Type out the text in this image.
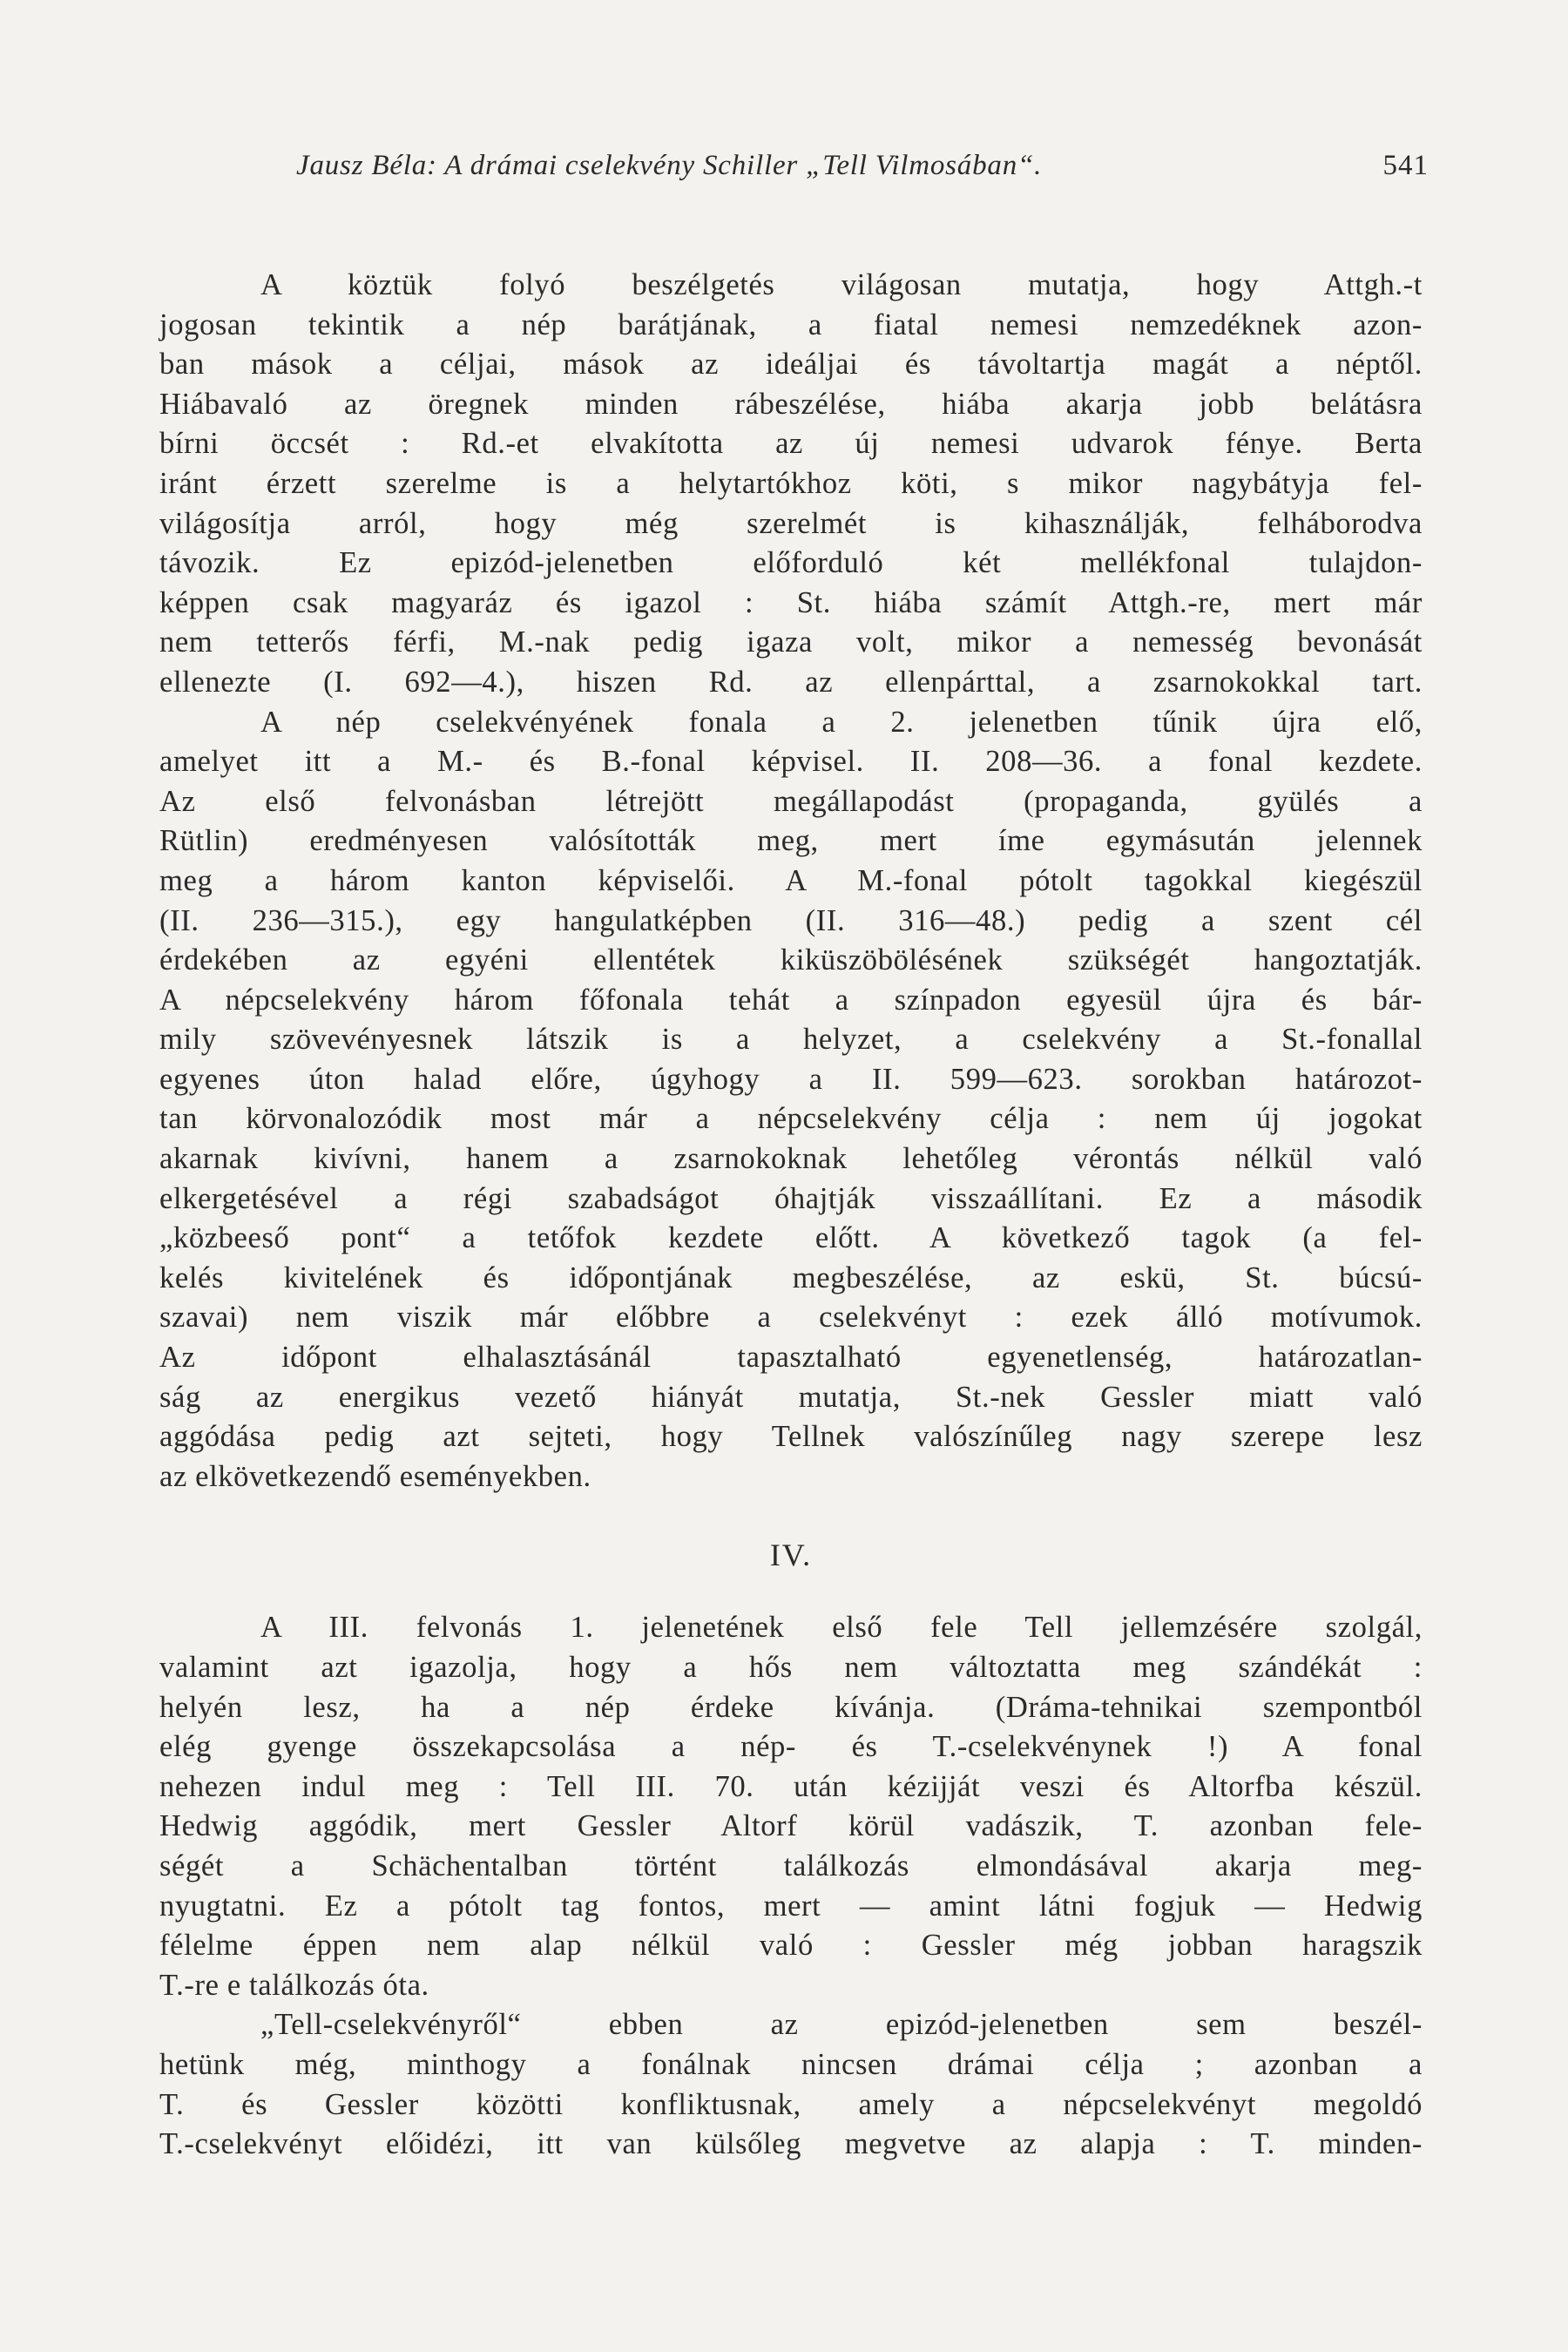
Jausz Béla: A drámai cselekvény Schiller „Tell Vilmosában“.	541
A köztük folyó beszélgetés világosan mutatja, hogy Attgh.-t
jogosan tekintik a nép barátjának, a fiatal nemesi nemzedéknek azon-
ban mások a céljai, mások az ideáljai és távoltartja magát a néptől.
Hiábavaló az öregnek minden rábeszélése, hiába akarja jobb belátásra
bírni öccsét : Rd.-et elvakította az új nemesi udvarok fénye. Berta
iránt érzett szerelme is a helytartókhoz köti, s mikor nagybátyja fel-
világosítja arról, hogy még szerelmét is kihasználják, felháborodva
távozik. Ez epizód-jelenetben előforduló két mellékfonal tulajdon-
képpen csak magyaráz és igazol : St. hiába számít Attgh.-re, mert már
nem tetterős férfi, M.-nak pedig igaza volt, mikor a nemesség bevonását
ellenezte (I. 692—4.), hiszen Rd. az ellenpárttal, a zsarnokokkal tart.
A nép cselekvényének fonala a 2. jelenetben tűnik újra elő,
amelyet itt a M.- és B.-fonal képvisel. II. 208—36. a fonal kezdete.
Az első felvonásban létrejött megállapodást (propaganda, gyülés a
Rütlin) eredményesen valósították meg, mert íme egymásután jelennek
meg a három kanton képviselői. A M.-fonal pótolt tagokkal kiegészül
(II. 236—315.), egy hangulatképben (II. 316—48.) pedig a szent cél
érdekében az egyéni ellentétek kiküszöbölésének szükségét hangoztatják.
A népcselekvény három főfonala tehát a színpadon egyesül újra és bár-
mily szövevényesnek látszik is a helyzet, a cselekvény a St.-fonallal
egyenes úton halad előre, úgyhogy a II. 599—623. sorokban határozot-
tan körvonalozódik most már a népcselekvény célja : nem új jogokat
akarnak kivívni, hanem a zsarnokoknak lehetőleg vérontás nélkül való
elkergetésével a régi szabadságot óhajtják visszaállítani. Ez a második
„közbeeső pont“ a tetőfok kezdete előtt. A következő tagok (a fel-
kelés kivitelének és időpontjának megbeszélése, az eskü, St. búcsú-
szavai) nem viszik már előbbre a cselekvényt : ezek álló motívumok.
Az időpont elhalasztásánál tapasztalható egyenetlenség, határozatlan-
ság az energikus vezető hiányát mutatja, St.-nek Gessler miatt való
aggódása pedig azt sejteti, hogy Tellnek valószínűleg nagy szerepe lesz
az elkövetkezendő eseményekben.
IV.
A III. felvonás 1. jelenetének első fele Tell jellemzésére szolgál,
valamint azt igazolja, hogy a hős nem változtatta meg szándékát :
helyén lesz, ha a nép érdeke kívánja. (Dráma-tehnikai szempontból
elég gyenge összekapcsolása a nép- és T.-cselekvénynek !) A fonal
nehezen indul meg : Tell III. 70. után kézijját veszi és Altorfba készül.
Hedwig aggódik, mert Gessler Altorf körül vadászik, T. azonban fele-
ségét a Schächentalban történt találkozás elmondásával akarja meg-
nyugtatni. Ez a pótolt tag fontos, mert — amint látni fogjuk — Hedwig
félelme éppen nem alap nélkül való : Gessler még jobban haragszik
T.-re e találkozás óta.
„Tell-cselekvényről“ ebben az epizód-jelenetben sem beszél-
hetünk még, minthogy a fonálnak nincsen drámai célja ; azonban a
T. és Gessler közötti konfliktusnak, amely a népcselekvényt megoldó
T.-cselekvényt előidézi, itt van külsőleg megvetve az alapja : T. minden-
